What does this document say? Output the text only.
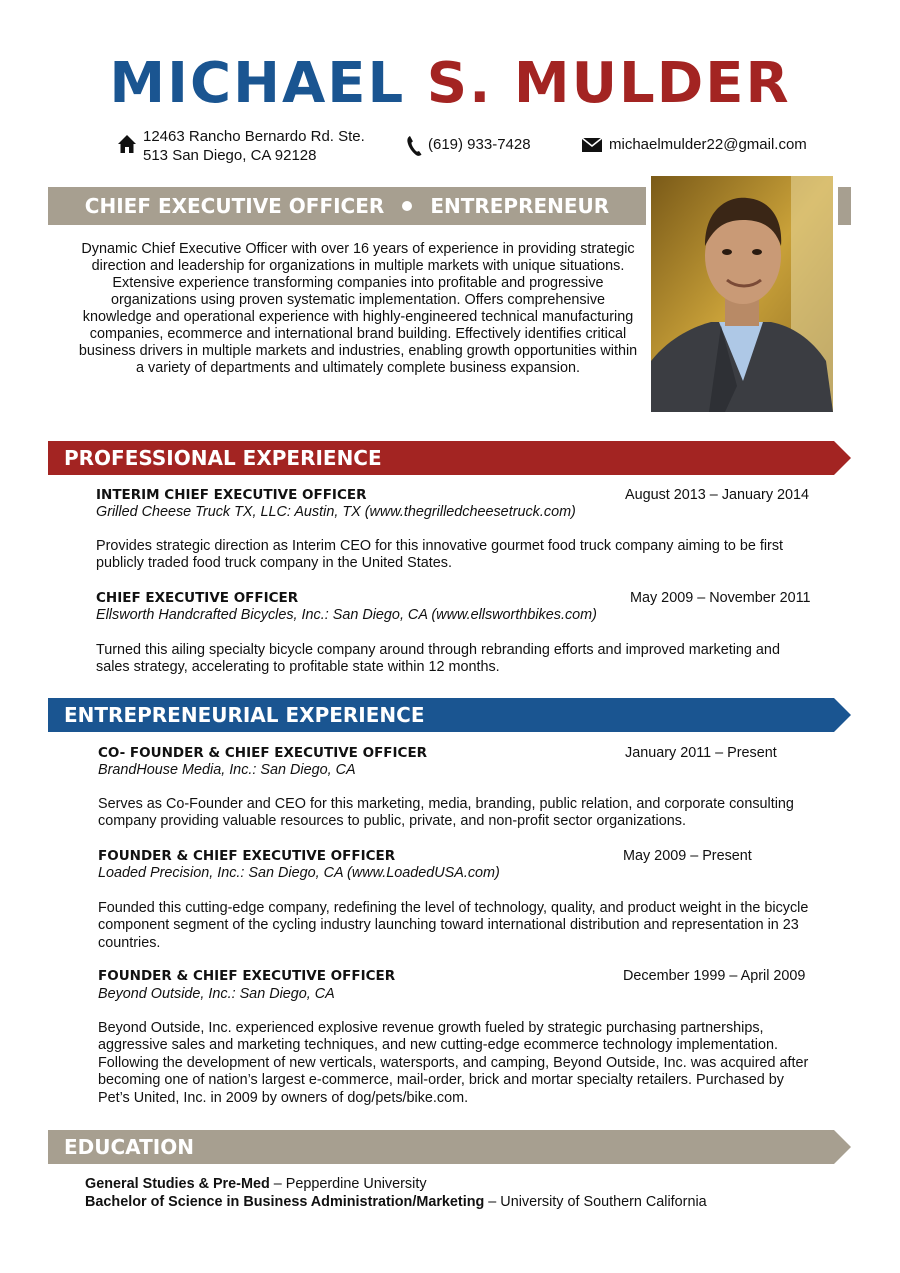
MICHAEL S. MULDER
12463 Rancho Bernardo Rd. Ste.
513 San Diego, CA 92128
(619) 933-7428	michaelmulder22@gmail.com
CHIEF EXECUTIVE OFFICER ENTREPRENEUR
Dynamic Chief Executive Officer with over 16 years of experience in providing strategic direction and leadership for organizations in multiple markets with unique situations. Extensive experience transforming companies into profitable and progressive organizations using proven systematic implementation. Offers comprehensive knowledge and operational experience with highly-engineered technical manufacturing companies, ecommerce and international brand building. Effectively identifies critical business drivers in multiple markets and industries, enabling growth opportunities within a variety of departments and ultimately complete business expansion.
PROFESSIONAL EXPERIENCE
INTERIM CHIEF EXECUTIVE OFFICER	August 2013 – January 2014
Grilled Cheese Truck TX, LLC: Austin, TX (www.thegrilledcheesetruck.com)
Provides strategic direction as Interim CEO for this innovative gourmet food truck company aiming to be first publicly traded food truck company in the United States.
CHIEF EXECUTIVE OFFICER	May 2009 – November 2011
Ellsworth Handcrafted Bicycles, Inc.: San Diego, CA (www.ellsworthbikes.com)
Turned this ailing specialty bicycle company around through rebranding efforts and improved marketing and sales strategy, accelerating to profitable state within 12 months.
ENTREPRENEURIAL EXPERIENCE
CO- FOUNDER & CHIEF EXECUTIVE OFFICER	January 2011 – Present
BrandHouse Media, Inc.: San Diego, CA
Serves as Co-Founder and CEO for this marketing, media, branding, public relation, and corporate consulting company providing valuable resources to public, private, and non-profit sector organizations.
FOUNDER & CHIEF EXECUTIVE OFFICER	May 2009 – Present
Loaded Precision, Inc.: San Diego, CA (www.LoadedUSA.com)
Founded this cutting-edge company, redefining the level of technology, quality, and product weight in the bicycle component segment of the cycling industry launching toward international distribution and representation in 23 countries.
FOUNDER & CHIEF EXECUTIVE OFFICER	December 1999 – April 2009
Beyond Outside, Inc.: San Diego, CA
Beyond Outside, Inc. experienced explosive revenue growth fueled by strategic purchasing partnerships, aggressive sales and marketing techniques, and new cutting-edge ecommerce technology implementation. Following the development of new verticals, watersports, and camping, Beyond Outside, Inc. was acquired after becoming one of nation’s largest e-commerce, mail-order, brick and mortar specialty retailers. Purchased by Pet’s United, Inc. in 2009 by owners of dog/pets/bike.com.
EDUCATION
General Studies & Pre-Med – Pepperdine University
Bachelor of Science in Business Administration/Marketing – University of Southern California
